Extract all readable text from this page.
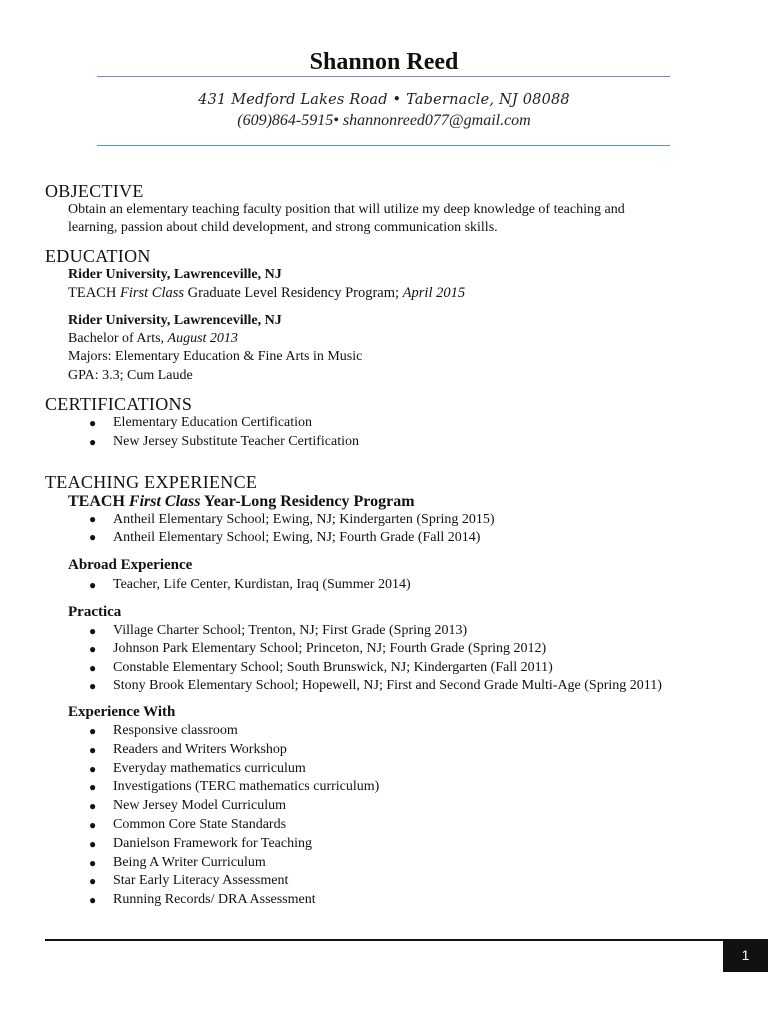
Shannon Reed
431 Medford Lakes Road • Tabernacle, NJ 08088
(609)864-5915• shannonreed077@gmail.com
OBJECTIVE
Obtain an elementary teaching faculty position that will utilize my deep knowledge of teaching and
learning, passion about child development, and strong communication skills.
EDUCATION
Rider University, Lawrenceville, NJ
TEACH First Class Graduate Level Residency Program; April 2015
Rider University, Lawrenceville, NJ
Bachelor of Arts, August 2013
Majors: Elementary Education & Fine Arts in Music
GPA: 3.3; Cum Laude
CERTIFICATIONS
● Elementary Education Certification
● New Jersey Substitute Teacher Certification
TEACHING EXPERIENCE
TEACH First Class Year-Long Residency Program
● Antheil Elementary School; Ewing, NJ; Kindergarten (Spring 2015)
● Antheil Elementary School; Ewing, NJ; Fourth Grade (Fall 2014)
Abroad Experience
● Teacher, Life Center, Kurdistan, Iraq (Summer 2014)
Practica
● Village Charter School; Trenton, NJ; First Grade (Spring 2013)
● Johnson Park Elementary School; Princeton, NJ; Fourth Grade (Spring 2012)
● Constable Elementary School; South Brunswick, NJ; Kindergarten (Fall 2011)
● Stony Brook Elementary School; Hopewell, NJ; First and Second Grade Multi-Age (Spring 2011)
Experience With
● Responsive classroom
● Readers and Writers Workshop
● Everyday mathematics curriculum
● Investigations (TERC mathematics curriculum)
● New Jersey Model Curriculum
● Common Core State Standards
● Danielson Framework for Teaching
● Being A Writer Curriculum
● Star Early Literacy Assessment
● Running Records/ DRA Assessment
1
